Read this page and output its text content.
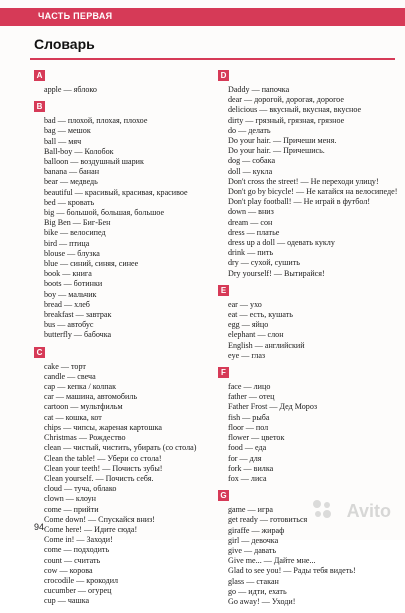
ЧАСТЬ ПЕРВАЯ
Словарь
A
apple — яблоко
B
bad — плохой, плохая, плохое
bag — мешок
ball — мяч
Ball-boy — Колобок
balloon — воздушный шарик
banana — банан
bear — медведь
beautiful — красивый, красивая, красивое
bed — кровать
big — большой, большая, большое
Big Ben — Биг-Бен
bike — велосипед
bird — птица
blouse — блузка
blue — синий, синяя, синее
book — книга
boots — ботинки
boy — мальчик
bread — хлеб
breakfast — завтрак
bus — автобус
butterfly — бабочка
C
cake — торт
candle — свеча
cap — кепка / колпак
car — машина, автомобиль
cartoon — мультфильм
cat — кошка, кот
chips — чипсы, жареная картошка
Christmas — Рождество
clean — чистый, чистить, убирать (со стола)
Clean the table! — Убери со стола!
Clean your teeth! — Почисть зубы!
Clean yourself. — Почисть себя.
cloud — туча, облако
clown — клоун
come — прийти
Come down! — Спускайся вниз!
Come here! — Идите сюда!
Come in! — Заходи!
come — подходить
count — считать
cow — корова
crocodile — крокодил
cucumber — огурец
cup — чашка
D
Daddy — папочка
dear — дорогой, дорогая, дорогое
delicious — вкусный, вкусная, вкусное
dirty — грязный, грязная, грязное
do — делать
Do your hair. — Причеши меня.
Do your hair. — Причешись.
dog — собака
doll — кукла
Don't cross the street! — Не переходи улицу!
Don't go by bicycle! — Не катайся на велосипеде!
Don't play football! — Не играй в футбол!
down — вниз
dream — сон
dress — платье
dress up a doll — одевать куклу
drink — пить
dry — сухой, сушить
Dry yourself! — Вытирайся!
E
ear — ухо
eat — есть, кушать
egg — яйцо
elephant — слон
English — английский
eye — глаз
F
face — лицо
father — отец
Father Frost — Дед Мороз
fish — рыба
floor — пол
flower — цветок
food — еда
for — для
fork — вилка
fox — лиса
G
game — игра
get ready — готовиться
giraffe — жираф
girl — девочка
give — давать
Give me... — Дайте мне...
Glad to see you! — Рады тебя видеть!
glass — стакан
go — идти, ехать
Go away! — Уходи!
94
Avito
